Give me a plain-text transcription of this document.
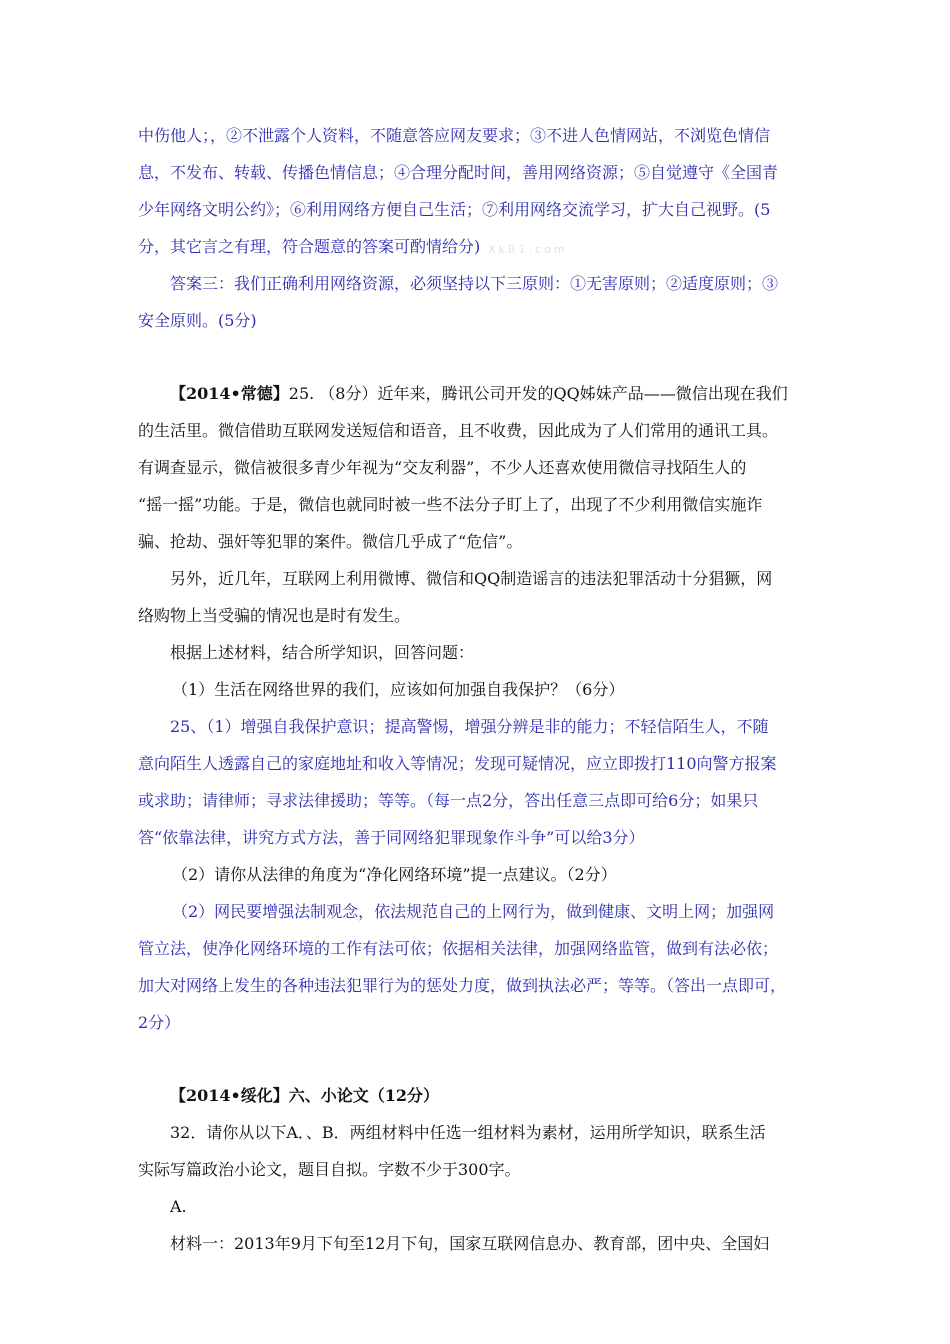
中伤他人；，②不泄露个人资料，不随意答应网友要求；③不进人色情网站，不浏览色情信

息，不发布、转载、传播色情信息；④合理分配时间，善用网络资源；⑤自觉遵守《全国青

少年网络文明公约》；⑥利用网络方便自己生活；⑦利用网络交流学习，扩大自己视野。(5

分，其它言之有理，符合题意的答案可酌情给分) XkB1.com

答案三：我们正确利用网络资源，必须坚持以下三原则：①无害原则；②适度原则；③

安全原则。(5分)

【2014•常德】25. （8分）近年来，腾讯公司开发的QQ姊妹产品——微信出现在我们

的生活里。微信借助互联网发送短信和语音，且不收费，因此成为了人们常用的通讯工具。

有调查显示，微信被很多青少年视为“交友利器”，不少人还喜欢使用微信寻找陌生人的

“摇一摇”功能。于是，微信也就同时被一些不法分子盯上了，出现了不少利用微信实施诈

骗、抢劫、强奸等犯罪的案件。微信几乎成了“危信”。

另外，近几年，互联网上利用微博、微信和QQ制造谣言的违法犯罪活动十分猖獗，网

络购物上当受骗的情况也是时有发生。

根据上述材料，结合所学知识，回答问题：

（1）生活在网络世界的我们，应该如何加强自我保护？（6分）

25、（1）增强自我保护意识；提高警惕，增强分辨是非的能力；不轻信陌生人，不随

意向陌生人透露自己的家庭地址和收入等情况；发现可疑情况，应立即拨打110向警方报案

或求助；请律师；寻求法律援助；等等。（每一点2分，答出任意三点即可给6分；如果只

答“依靠法律，讲究方式方法，善于同网络犯罪现象作斗争”可以给3分）

（2）请你从法律的角度为“净化网络环境”提一点建议。（2分）

（2）网民要增强法制观念，依法规范自己的上网行为，做到健康、文明上网；加强网

管立法，使净化网络环境的工作有法可依；依据相关法律，加强网络监管，做到有法必依；

加大对网络上发生的各种违法犯罪行为的惩处力度，做到执法必严；等等。（答出一点即可，

2分）

【2014•绥化】六、小论文（12分）

32．请你从以下A．、B．两组材料中任选一组材料为素材，运用所学知识，联系生活

实际写篇政治小论文，题目自拟。字数不少于300字。

A.

材料一：2013年9月下旬至12月下旬，国家互联网信息办、教育部，团中央、全国妇
